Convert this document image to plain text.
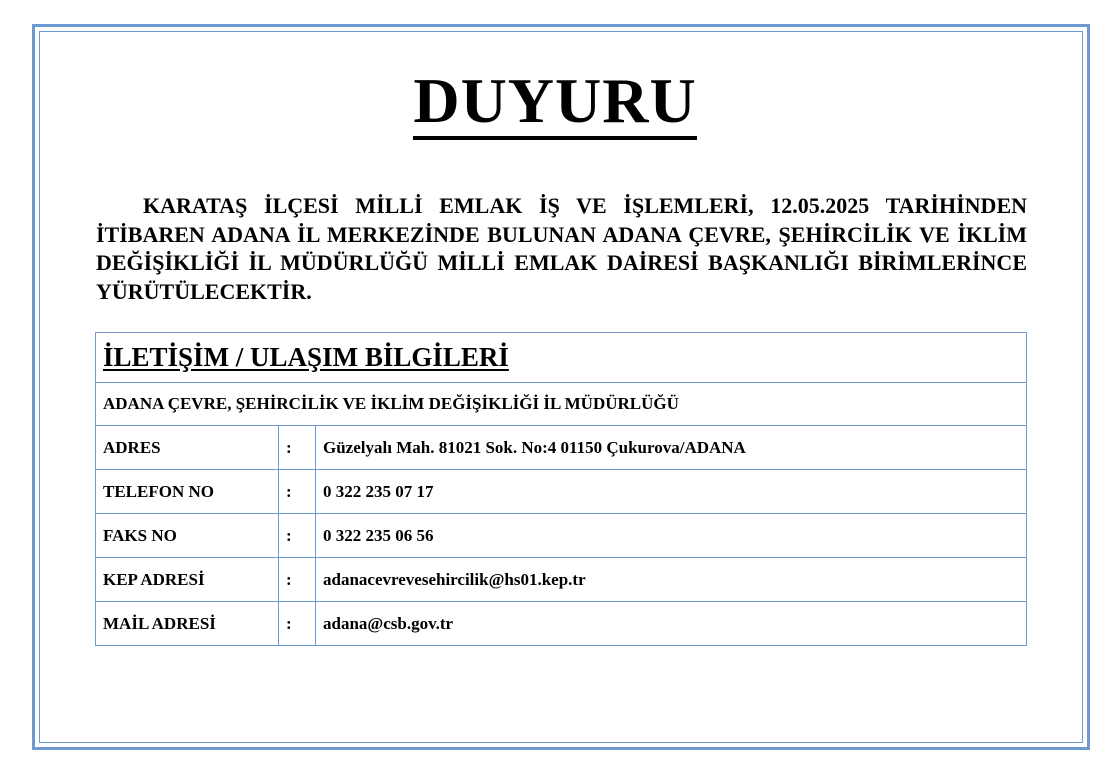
DUYURU
KARATAŞ İLÇESİ MİLLİ EMLAK İŞ VE İŞLEMLERİ, 12.05.2025 TARİHİNDEN İTİBAREN ADANA İL MERKEZİNDE BULUNAN ADANA ÇEVRE, ŞEHİRCİLİK VE İKLİM DEĞİŞİKLİĞİ İL MÜDÜRLÜĞÜ MİLLİ EMLAK DAİRESİ BAŞKANLIĞI BİRİMLERİNCE YÜRÜTÜLECEKTİR.
İLETİŞİM / ULAŞIM BİLGİLERİ		
ADANA ÇEVRE, ŞEHİRCİLİK VE İKLİM DEĞİŞİKLİĞİ İL MÜDÜRLÜĞÜ		
ADRES	:	Güzelyalı Mah. 81021 Sok. No:4 01150 Çukurova/ADANA
TELEFON NO	:	0 322 235 07 17
FAKS NO	:	0 322 235 06 56
KEP ADRESİ	:	adanacevrevesehircilik@hs01.kep.tr
MAİL ADRESİ	:	adana@csb.gov.tr
